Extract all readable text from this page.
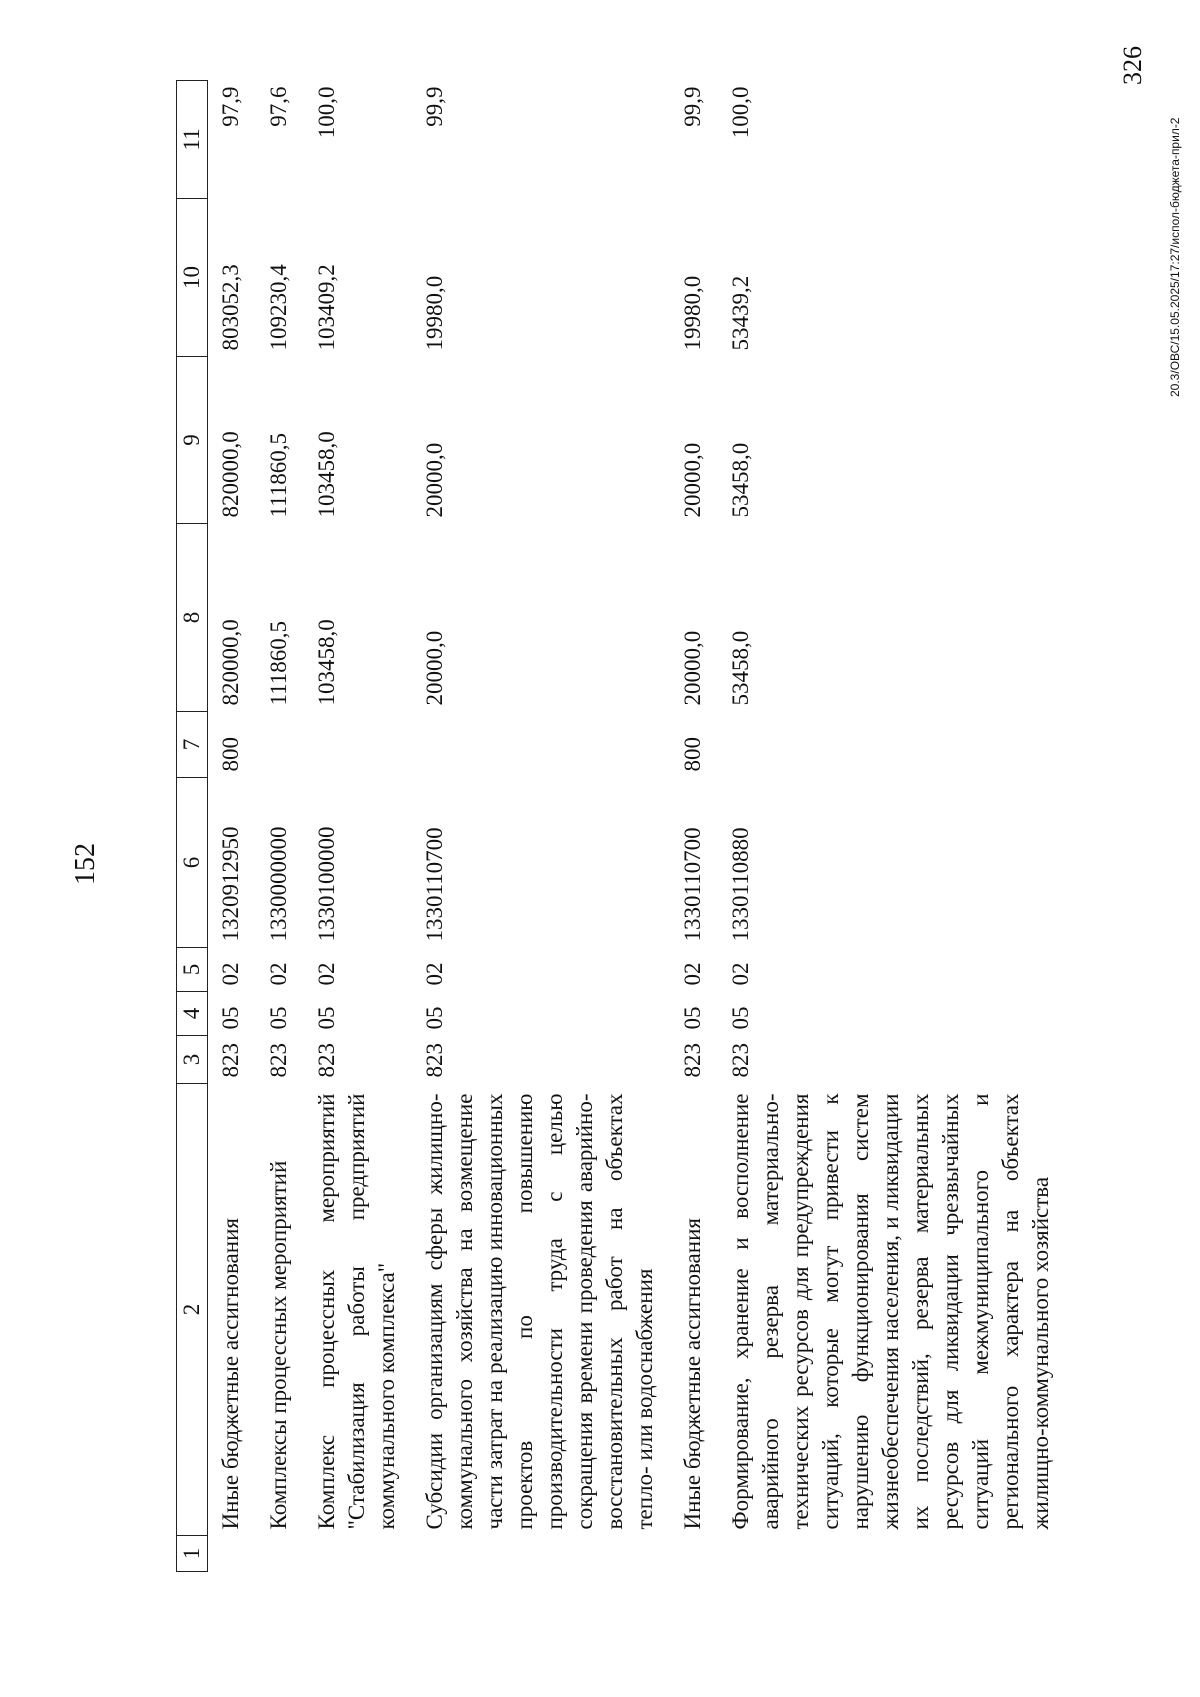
152
1	2	3	4	5	6	7	8	9	10	11
	Иные бюджетные ассигнования	823	05	02	1320912950	800	820000,0	820000,0	803052,3	97,9
	Комплексы процессных мероприятий	823	05	02	1330000000		111860,5	111860,5	109230,4	97,6
	Комплекс процессных мероприятий "Стабилизация работы предприятий коммунального комплекса"	823	05	02	1330100000		103458,0	103458,0	103409,2	100,0
	Субсидии организациям сферы жилищно-коммунального хозяйства на возмещение части затрат на реализацию инновационных проектов по повышению производительности труда с целью сокращения времени проведения аварийно-восстановительных работ на объектах тепло- или водоснабжения	823	05	02	1330110700		20000,0	20000,0	19980,0	99,9
	Иные бюджетные ассигнования	823	05	02	1330110700	800	20000,0	20000,0	19980,0	99,9
	Формирование, хранение и восполнение аварийного резерва материально-технических ресурсов для предупреждения ситуаций, которые могут привести к нарушению функционирования систем жизнеобеспечения населения, и ликвидации их последствий, резерва материальных ресурсов для ликвидации чрезвычайных ситуаций межмуниципального и регионального характера на объектах жилищно-коммунального хозяйства	823	05	02	1330110880		53458,0	53458,0	53439,2	100,0
326
20.3/ОВС/15.05.2025/17:27/испол-бюджета-прил-2
